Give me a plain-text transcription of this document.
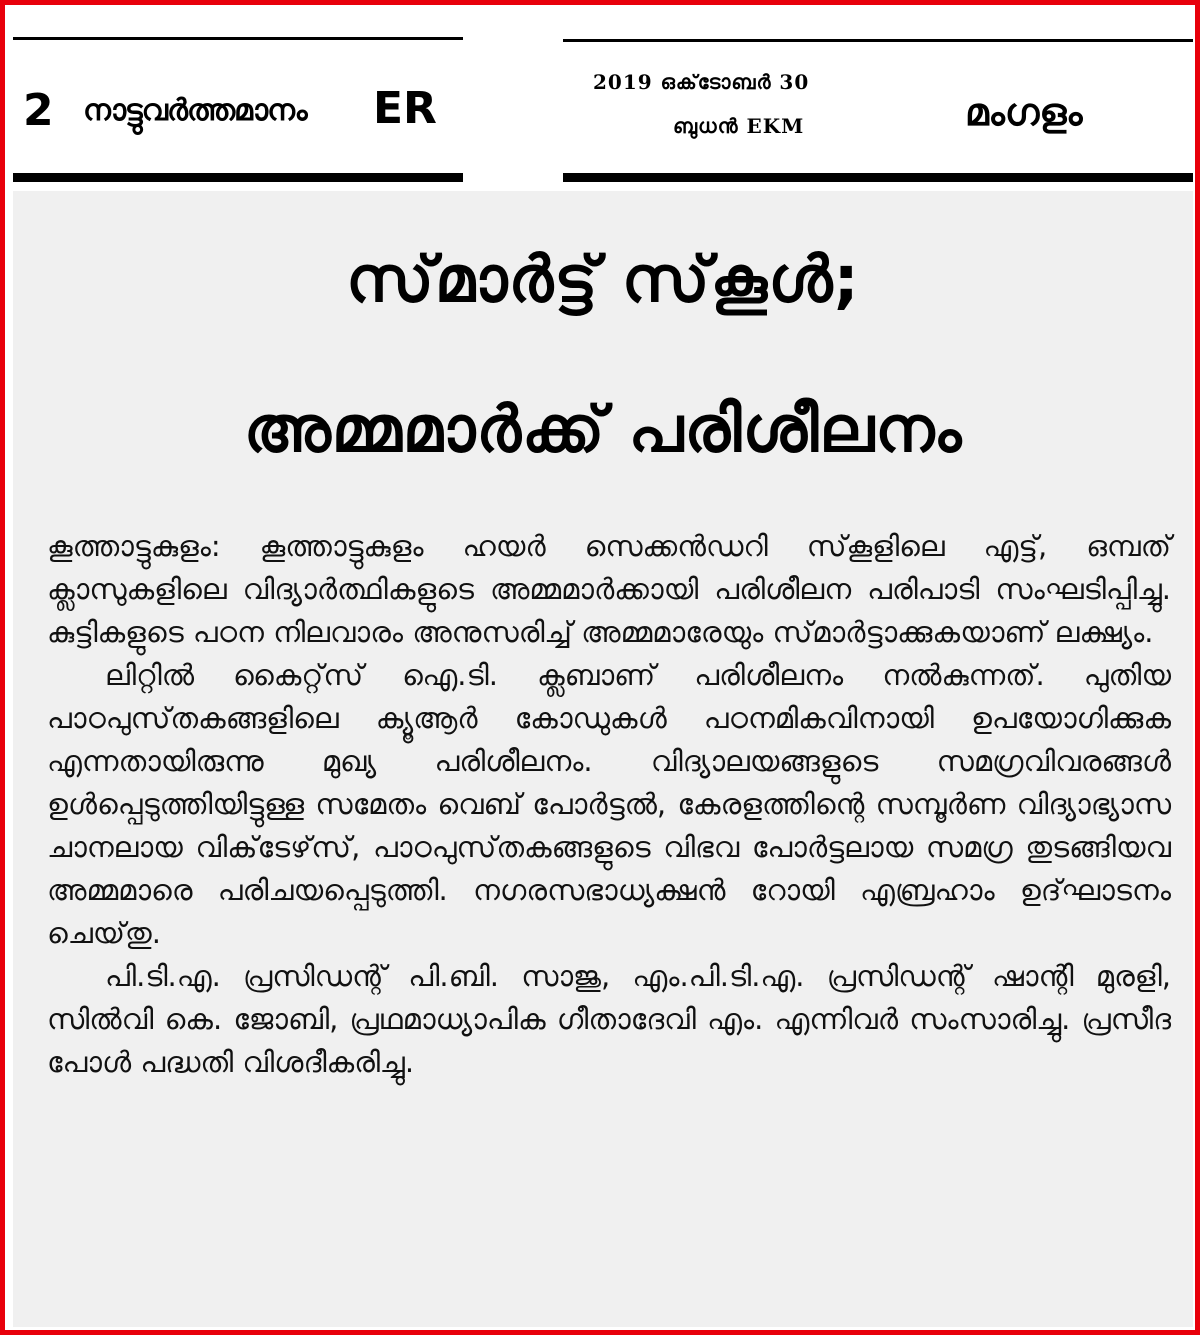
2 നാട്ടുവർത്തമാനം ER
2019 ഒക്‌ടോബർ 30
ബുധൻ EKM	മംഗളം
സ്‌മാർട്ട് സ്‌കൂൾ;
അമ്മമാർക്ക് പരിശീലനം

കൂത്താട്ടുകുളം: കൂത്താട്ടുകുളം ഹയർ സെക്കൻഡറി സ്‌കൂളിലെ എട്ട്, ഒമ്പത് ക്ലാസുകളിലെ വിദ്യാർത്ഥികളുടെ അമ്മമാർക്കായി പരിശീലന പരിപാടി സംഘടിപ്പിച്ചു. കുട്ടികളുടെ പഠന നിലവാരം അനുസരിച്ച് അമ്മമാരേയും സ്‌മാർട്ടാക്കുകയാണ് ലക്ഷ്യം.

ലിറ്റിൽ കൈറ്റ്‌സ് ഐ.ടി. ക്ലബാണ് പരിശീലനം നൽകുന്നത്. പുതിയ പാഠപുസ്‌തകങ്ങളിലെ ക്യൂആർ കോഡുകൾ പഠനമികവിനായി ഉപയോഗിക്കുക എന്നതായിരുന്നു മുഖ്യ പരിശീലനം. വിദ്യാലയങ്ങളുടെ സമഗ്രവിവരങ്ങൾ ഉൾപ്പെടുത്തിയിട്ടുള്ള സമേതം വെബ് പോർട്ടൽ, കേരളത്തിന്റെ സമ്പൂർണ വിദ്യാഭ്യാസ ചാനലായ വിക്‌ടേഴ്‌സ്, പാഠപുസ്‌തകങ്ങളുടെ വിഭവ പോർട്ടലായ സമഗ്ര തുടങ്ങിയവ അമ്മമാരെ പരിചയപ്പെടുത്തി. നഗരസഭാധ്യക്ഷൻ റോയി എബ്രഹാം ഉദ്‌ഘാടനം ചെയ്‌തു.

പി.ടി.എ. പ്രസിഡന്റ് പി.ബി. സാജു, എം.പി.ടി.എ. പ്രസിഡന്റ് ഷാന്റി മുരളി, സിൽവി കെ. ജോബി, പ്രഥമാധ്യാപിക ഗീതാദേവി എം. എന്നിവർ സംസാരിച്ചു. പ്രസീദ പോൾ പദ്ധതി വിശദീകരിച്ചു.
